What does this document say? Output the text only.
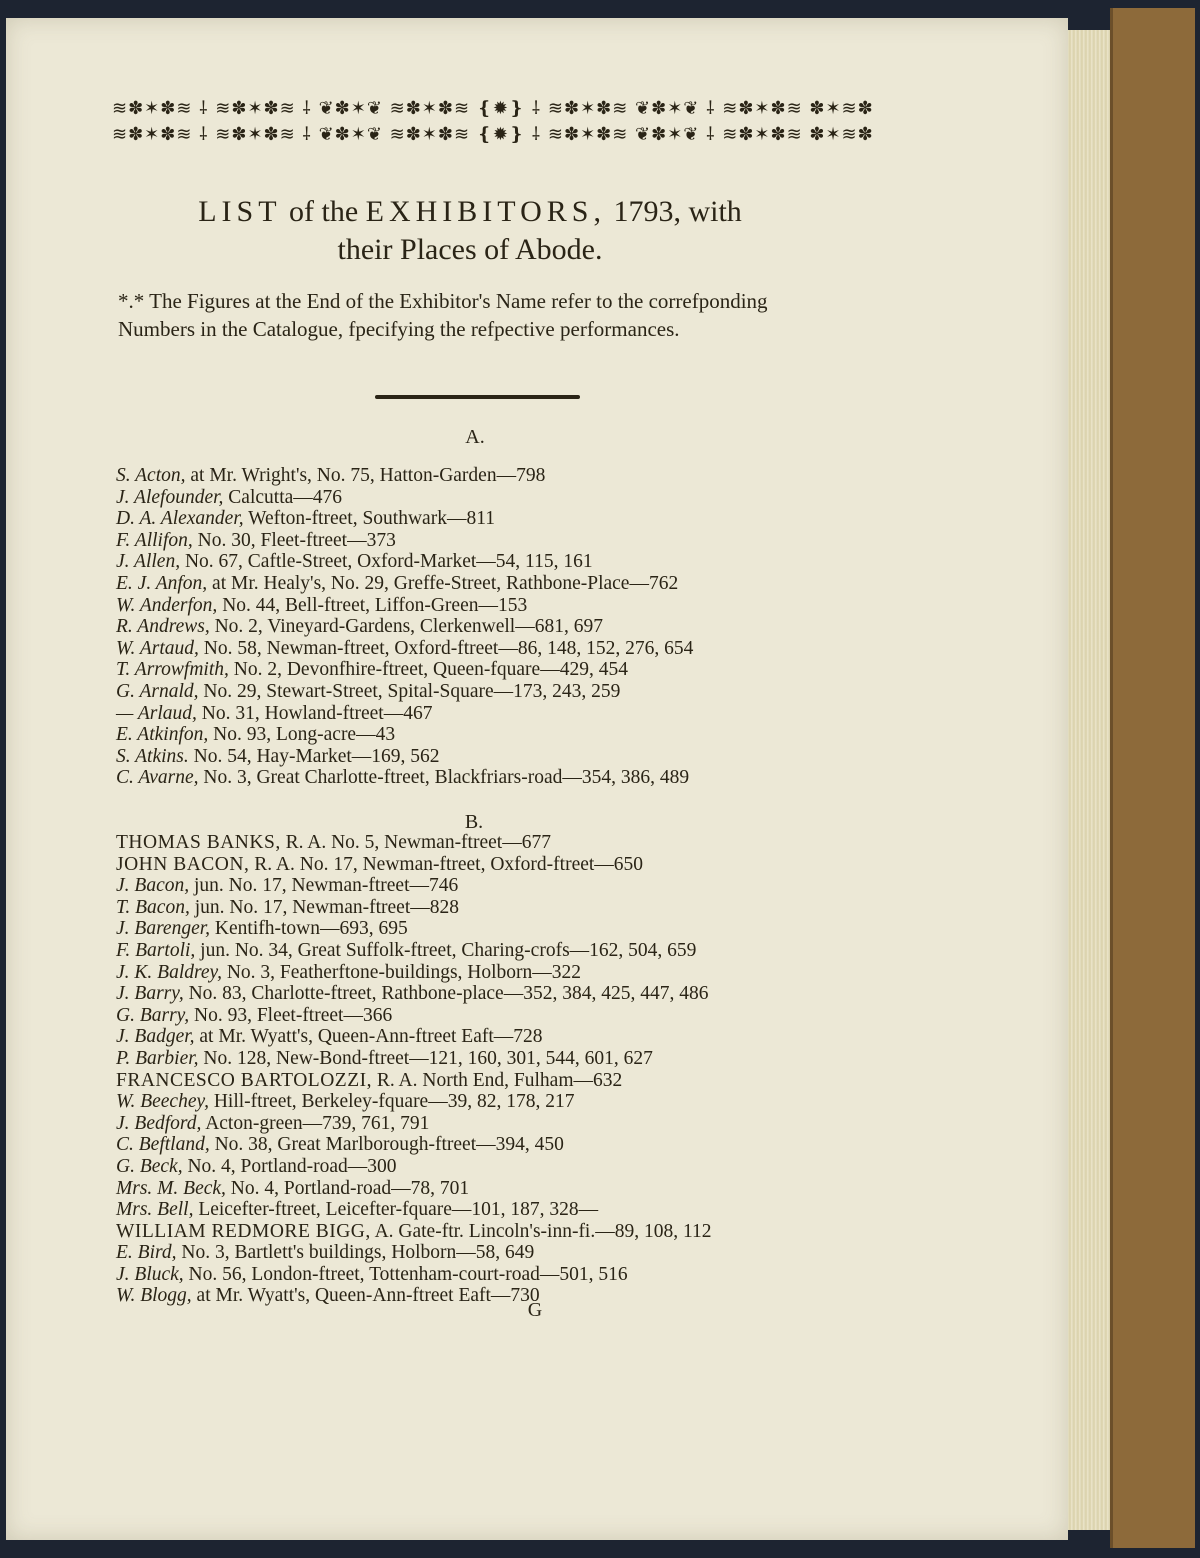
≋✽✶✽≋ ⸸ ≋✽✶✽≋ ⸸ ❦✽✶❦ ≋✽✶✽≋ ❴✹❵ ⸸ ≋✽✶✽≋ ❦✽✶❦ ⸸ ≋✽✶✽≋ ✽✶≋✽
≋✽✶✽≋ ⸸ ≋✽✶✽≋ ⸸ ❦✽✶❦ ≋✽✶✽≋ ❴✹❵ ⸸ ≋✽✶✽≋ ❦✽✶❦ ⸸ ≋✽✶✽≋ ✽✶≋✽
LIST of the EXHIBITORS, 1793, with
their Places of Abode.
*.* The Figures at the End of the Exhibitor's Name refer to the correfponding Numbers in the Catalogue, fpecifying the refpective performances.
A.
S. Acton, at Mr. Wright's, No. 75, Hatton-Garden—798
J. Alefounder, Calcutta—476
D. A. Alexander, Wefton-ftreet, Southwark—811
F. Allifon, No. 30, Fleet-ftreet—373
J. Allen, No. 67, Caftle-Street, Oxford-Market—54, 115, 161
E. J. Anfon, at Mr. Healy's, No. 29, Greffe-Street, Rathbone-Place—762
W. Anderfon, No. 44, Bell-ftreet, Liffon-Green—153
R. Andrews, No. 2, Vineyard-Gardens, Clerkenwell—681, 697
W. Artaud, No. 58, Newman-ftreet, Oxford-ftreet—86, 148, 152, 276, 654
T. Arrowfmith, No. 2, Devonfhire-ftreet, Queen-fquare—429, 454
G. Arnald, No. 29, Stewart-Street, Spital-Square—173, 243, 259
— Arlaud, No. 31, Howland-ftreet—467
E. Atkinfon, No. 93, Long-acre—43
S. Atkins. No. 54, Hay-Market—169, 562
C. Avarne, No. 3, Great Charlotte-ftreet, Blackfriars-road—354, 386, 489
B.
THOMAS BANKS, R. A. No. 5, Newman-ftreet—677
JOHN BACON, R. A. No. 17, Newman-ftreet, Oxford-ftreet—650
J. Bacon, jun. No. 17, Newman-ftreet—746
T. Bacon, jun. No. 17, Newman-ftreet—828
J. Barenger, Kentifh-town—693, 695
F. Bartoli, jun. No. 34, Great Suffolk-ftreet, Charing-crofs—162, 504, 659
J. K. Baldrey, No. 3, Featherftone-buildings, Holborn—322
J. Barry, No. 83, Charlotte-ftreet, Rathbone-place—352, 384, 425, 447, 486
G. Barry, No. 93, Fleet-ftreet—366
J. Badger, at Mr. Wyatt's, Queen-Ann-ftreet Eaft—728
P. Barbier, No. 128, New-Bond-ftreet—121, 160, 301, 544, 601, 627
FRANCESCO BARTOLOZZI, R. A. North End, Fulham—632
W. Beechey, Hill-ftreet, Berkeley-fquare—39, 82, 178, 217
J. Bedford, Acton-green—739, 761, 791
C. Beftland, No. 38, Great Marlborough-ftreet—394, 450
G. Beck, No. 4, Portland-road—300
Mrs. M. Beck, No. 4, Portland-road—78, 701
Mrs. Bell, Leicefter-ftreet, Leicefter-fquare—101, 187, 328—
WILLIAM REDMORE BIGG, A. Gate-ftr. Lincoln's-inn-fi.—89, 108, 112
E. Bird, No. 3, Bartlett's buildings, Holborn—58, 649
J. Bluck, No. 56, London-ftreet, Tottenham-court-road—501, 516
W. Blogg, at Mr. Wyatt's, Queen-Ann-ftreet Eaft—730
G
